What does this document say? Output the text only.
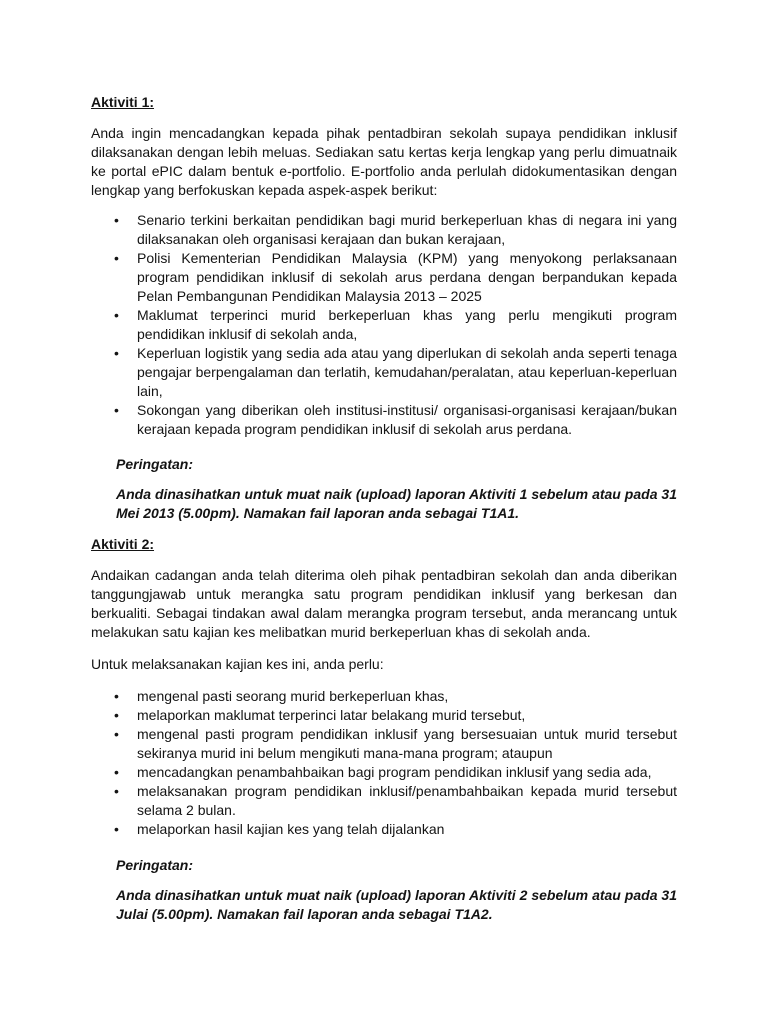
Aktiviti 1:
Anda ingin mencadangkan kepada pihak pentadbiran sekolah supaya pendidikan inklusif dilaksanakan dengan lebih meluas. Sediakan satu kertas kerja lengkap yang perlu dimuatnaik ke portal ePIC dalam bentuk e-portfolio. E-portfolio anda perlulah didokumentasikan dengan lengkap yang berfokuskan kepada aspek-aspek berikut:
• Senario terkini berkaitan pendidikan bagi murid berkeperluan khas di negara ini yang dilaksanakan oleh organisasi kerajaan dan bukan kerajaan,
• Polisi Kementerian Pendidikan Malaysia (KPM) yang menyokong perlaksanaan program pendidikan inklusif di sekolah arus perdana dengan berpandukan kepada Pelan Pembangunan Pendidikan Malaysia 2013 – 2025
• Maklumat terperinci murid berkeperluan khas yang perlu mengikuti program pendidikan inklusif di sekolah anda,
• Keperluan logistik yang sedia ada atau yang diperlukan di sekolah anda seperti tenaga pengajar berpengalaman dan terlatih, kemudahan/peralatan, atau keperluan-keperluan lain,
• Sokongan yang diberikan oleh institusi-institusi/ organisasi-organisasi kerajaan/bukan kerajaan kepada program pendidikan inklusif di sekolah arus perdana.
Peringatan:
Anda dinasihatkan untuk muat naik (upload) laporan Aktiviti 1 sebelum atau pada 31 Mei 2013 (5.00pm). Namakan fail laporan anda sebagai T1A1.
Aktiviti 2:
Andaikan cadangan anda telah diterima oleh pihak pentadbiran sekolah dan anda diberikan tanggungjawab untuk merangka satu program pendidikan inklusif yang berkesan dan berkualiti. Sebagai tindakan awal dalam merangka program tersebut, anda merancang untuk melakukan satu kajian kes melibatkan murid berkeperluan khas di sekolah anda.
Untuk melaksanakan kajian kes ini, anda perlu:
• mengenal pasti seorang murid berkeperluan khas,
• melaporkan maklumat terperinci latar belakang murid tersebut,
• mengenal pasti program pendidikan inklusif yang bersesuaian untuk murid tersebut sekiranya murid ini belum mengikuti mana-mana program; ataupun
• mencadangkan penambahbaikan bagi program pendidikan inklusif yang sedia ada,
• melaksanakan program pendidikan inklusif/penambahbaikan kepada murid tersebut selama 2 bulan.
• melaporkan hasil kajian kes yang telah dijalankan
Peringatan:
Anda dinasihatkan untuk muat naik (upload) laporan Aktiviti 2 sebelum atau pada 31 Julai (5.00pm). Namakan fail laporan anda sebagai T1A2.
